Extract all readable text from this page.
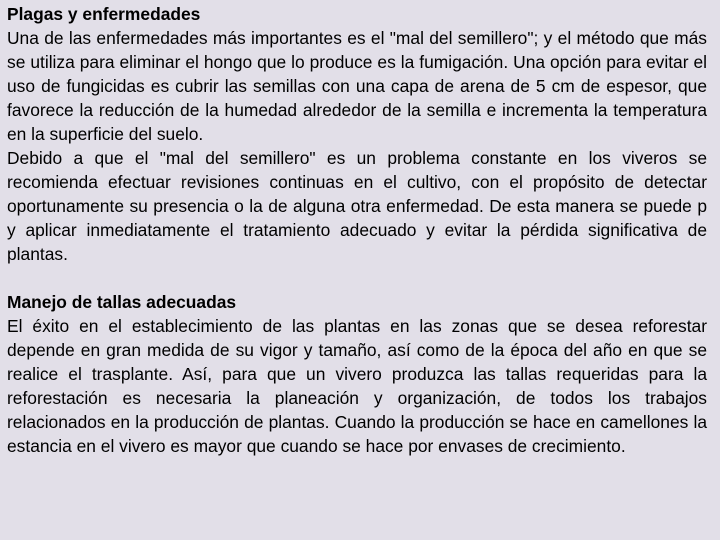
Plagas y enfermedades

Una de las enfermedades más importantes es el "mal del semillero"; y el método que más se utiliza para eliminar el hongo que lo produce es la fumigación. Una opción para evitar el uso de fungicidas es cubrir las semillas con una capa de arena de 5 cm de espesor, que favorece la reducción de la humedad alrededor de la semilla e incrementa la temperatura en la superficie del suelo.

Debido a que el "mal del semillero" es un problema constante en los viveros se recomienda efectuar revisiones continuas en el cultivo, con el propósito de detectar oportunamente su presencia o la de alguna otra enfermedad. De esta manera se puede p y aplicar inmediatamente el tratamiento adecuado y evitar la pérdida significativa de plantas.

Manejo de tallas adecuadas

El éxito en el establecimiento de las plantas en las zonas que se desea reforestar depende en gran medida de su vigor y tamaño, así como de la época del año en que se realice el trasplante. Así, para que un vivero produzca las tallas requeridas para la reforestación es necesaria la planeación y organización, de todos los trabajos relacionados en la producción de plantas. Cuando la producción se hace en camellones la estancia en el vivero es mayor que cuando se hace por envases de crecimiento.
